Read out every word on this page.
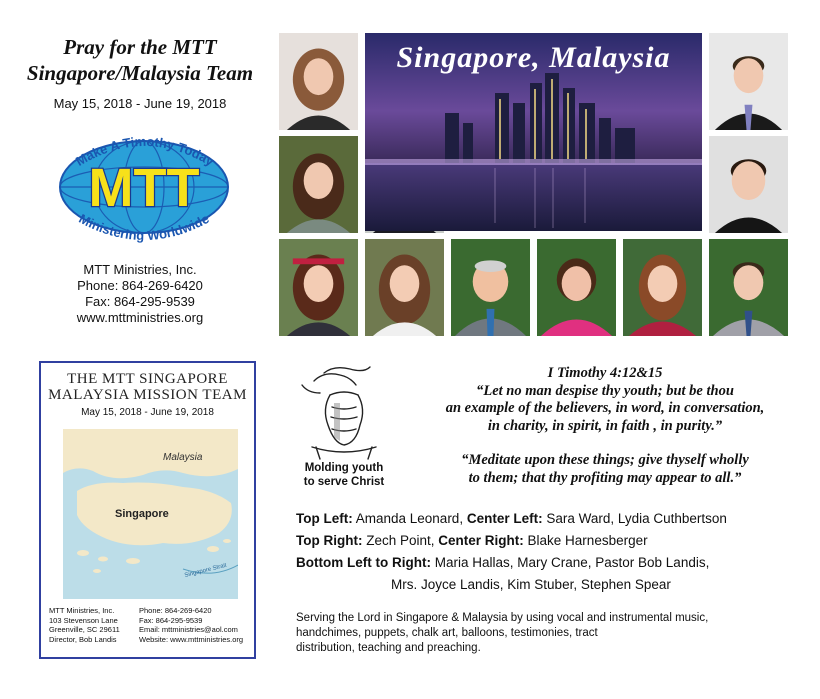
Pray for the MTT
Singapore/Malaysia Team
May 15, 2018 - June 19, 2018
Make A Timothy Today
MTT
Ministering Worldwide
MTT Ministries, Inc.
Phone: 864-269-6420
Fax: 864-295-9539
www.mttministries.org
Singapore, Malaysia
THE MTT SINGAPORE
MALAYSIA MISSION TEAM
May 15, 2018 - June 19, 2018
Malaysia
Singapore
Singapore Strait
MTT Ministries, Inc.
103 Stevenson Lane
Greenville, SC 29611
Director, Bob Landis
Phone: 864-269-6420
Fax: 864-295-9539
Email: mttministries@aol.com
Website: www.mttministries.org
Molding youth
to serve Christ
I Timothy 4:12&15
“Let no man despise thy youth; but be thou
an example of the believers, in word, in conversation,
in charity, in spirit, in faith , in purity.”
“Meditate upon these things; give thyself wholly
to them; that thy profiting may appear to all.”
Top Left: Amanda Leonard, Center Left: Sara Ward, Lydia Cuthbertson
Top Right: Zech Point, Center Right: Blake Harnesberger
Bottom Left to Right: Maria Hallas, Mary Crane, Pastor Bob Landis,
Mrs. Joyce Landis, Kim Stuber, Stephen Spear
Serving the Lord in Singapore & Malaysia by using vocal and instrumental music,
handchimes, puppets, chalk art, balloons, testimonies, tract
distribution, teaching and preaching.
